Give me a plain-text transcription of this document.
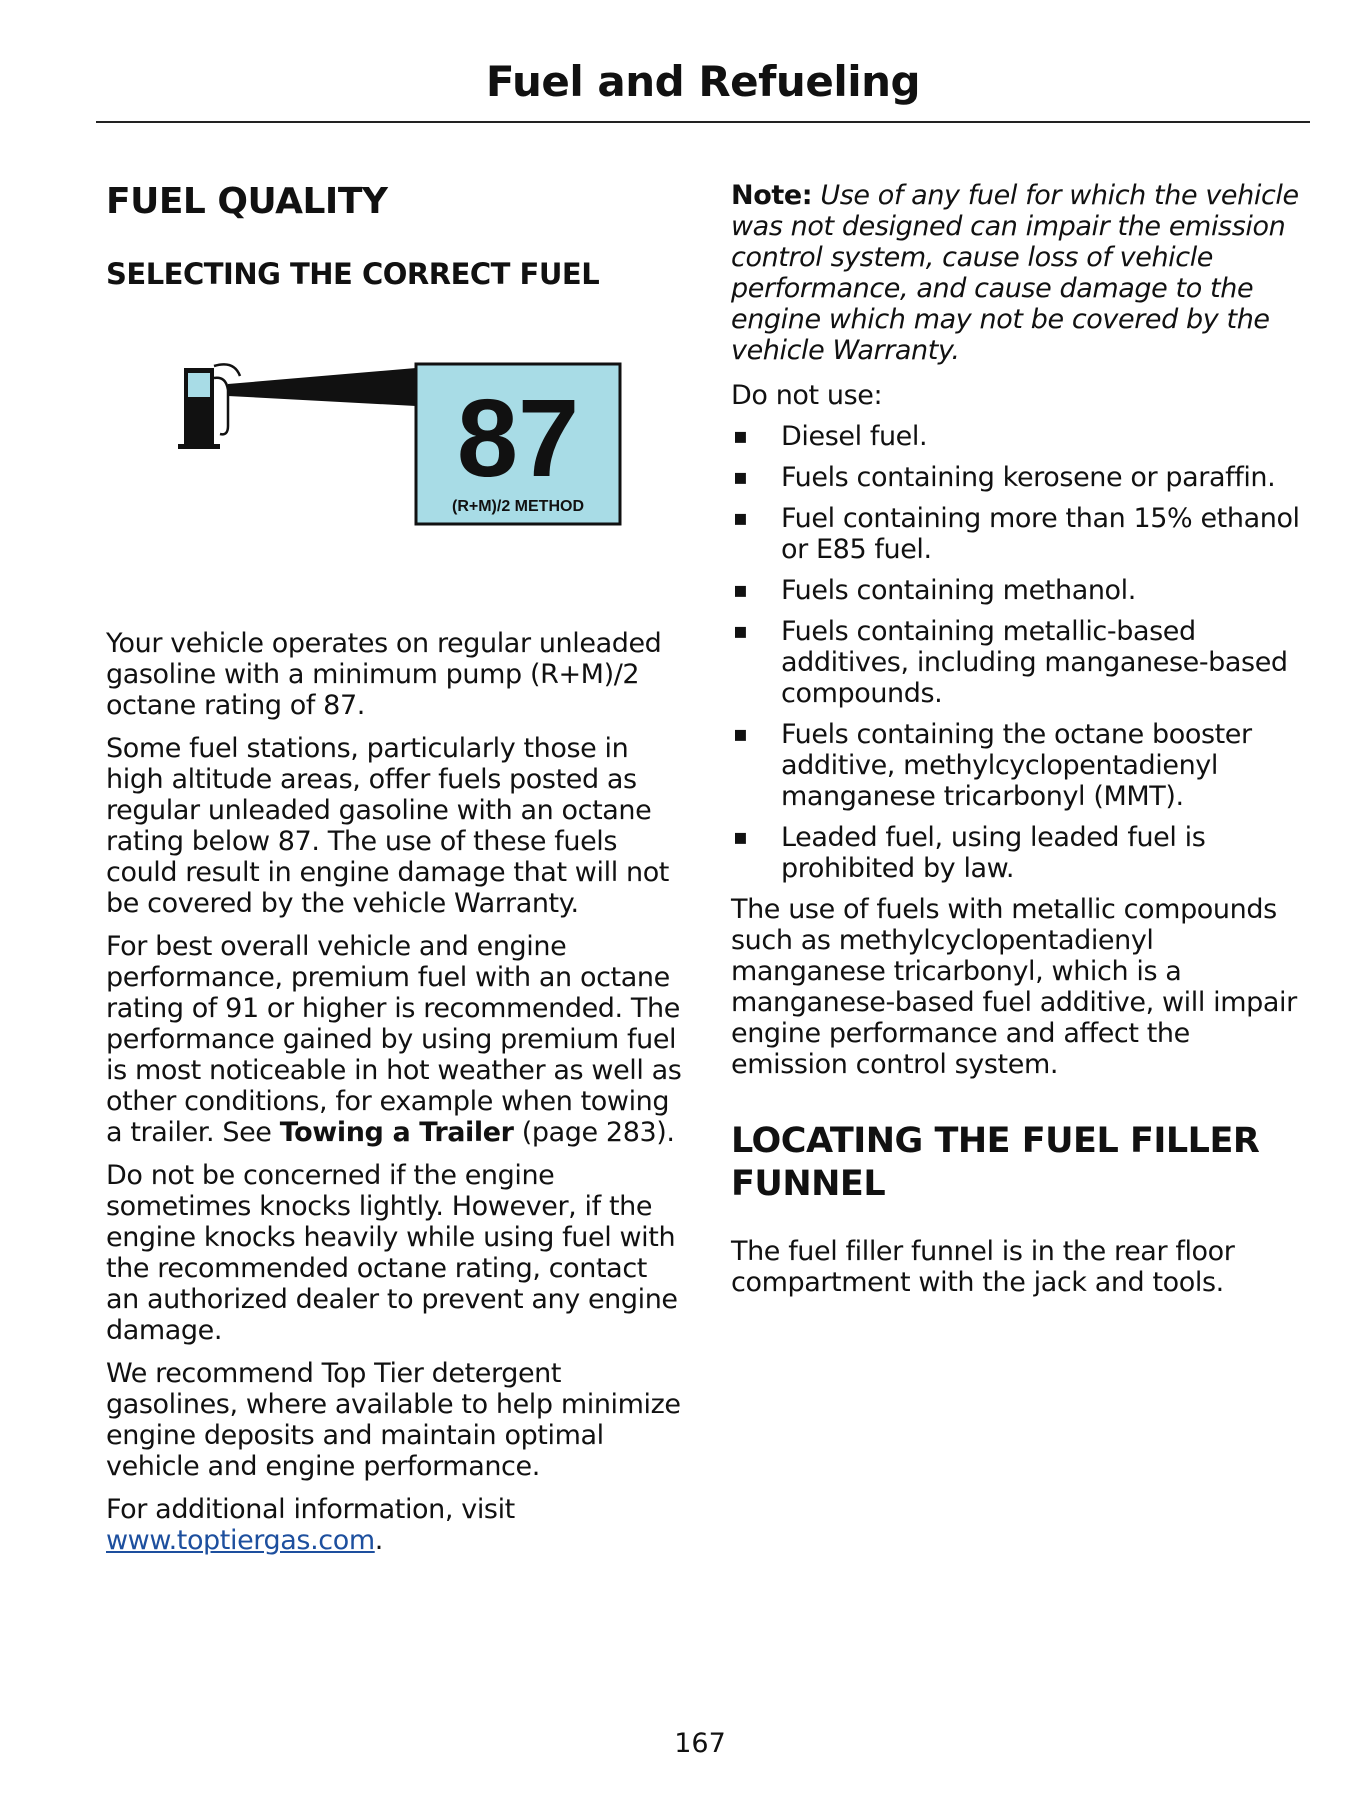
Fuel and Refueling
FUEL QUALITY
SELECTING THE CORRECT FUEL
87
(R+M)/2 METHOD

Your vehicle operates on regular unleaded gasoline with a minimum pump (R+M)/2 octane rating of 87.

Some fuel stations, particularly those in high altitude areas, offer fuels posted as regular unleaded gasoline with an octane rating below 87. The use of these fuels could result in engine damage that will not be covered by the vehicle Warranty.

For best overall vehicle and engine performance, premium fuel with an octane rating of 91 or higher is recommended. The performance gained by using premium fuel is most noticeable in hot weather as well as other conditions, for example when towing a trailer. See Towing a Trailer (page 283).

Do not be concerned if the engine sometimes knocks lightly. However, if the engine knocks heavily while using fuel with the recommended octane rating, contact an authorized dealer to prevent any engine damage.

We recommend Top Tier detergent gasolines, where available to help minimize engine deposits and maintain optimal vehicle and engine performance.

For additional information, visit www.toptiergas.com.

Note: Use of any fuel for which the vehicle was not designed can impair the emission control system, cause loss of vehicle performance, and cause damage to the engine which may not be covered by the vehicle Warranty.

Do not use:

▪ Diesel fuel.
▪ Fuels containing kerosene or paraffin.
▪ Fuel containing more than 15% ethanol or E85 fuel.
▪ Fuels containing methanol.
▪ Fuels containing metallic-based additives, including manganese-based compounds.
▪ Fuels containing the octane booster additive, methylcyclopentadienyl manganese tricarbonyl (MMT).
▪ Leaded fuel, using leaded fuel is prohibited by law.

The use of fuels with metallic compounds such as methylcyclopentadienyl manganese tricarbonyl, which is a manganese-based fuel additive, will impair engine performance and affect the emission control system.

LOCATING THE FUEL FILLER FUNNEL

The fuel filler funnel is in the rear floor compartment with the jack and tools.

167
